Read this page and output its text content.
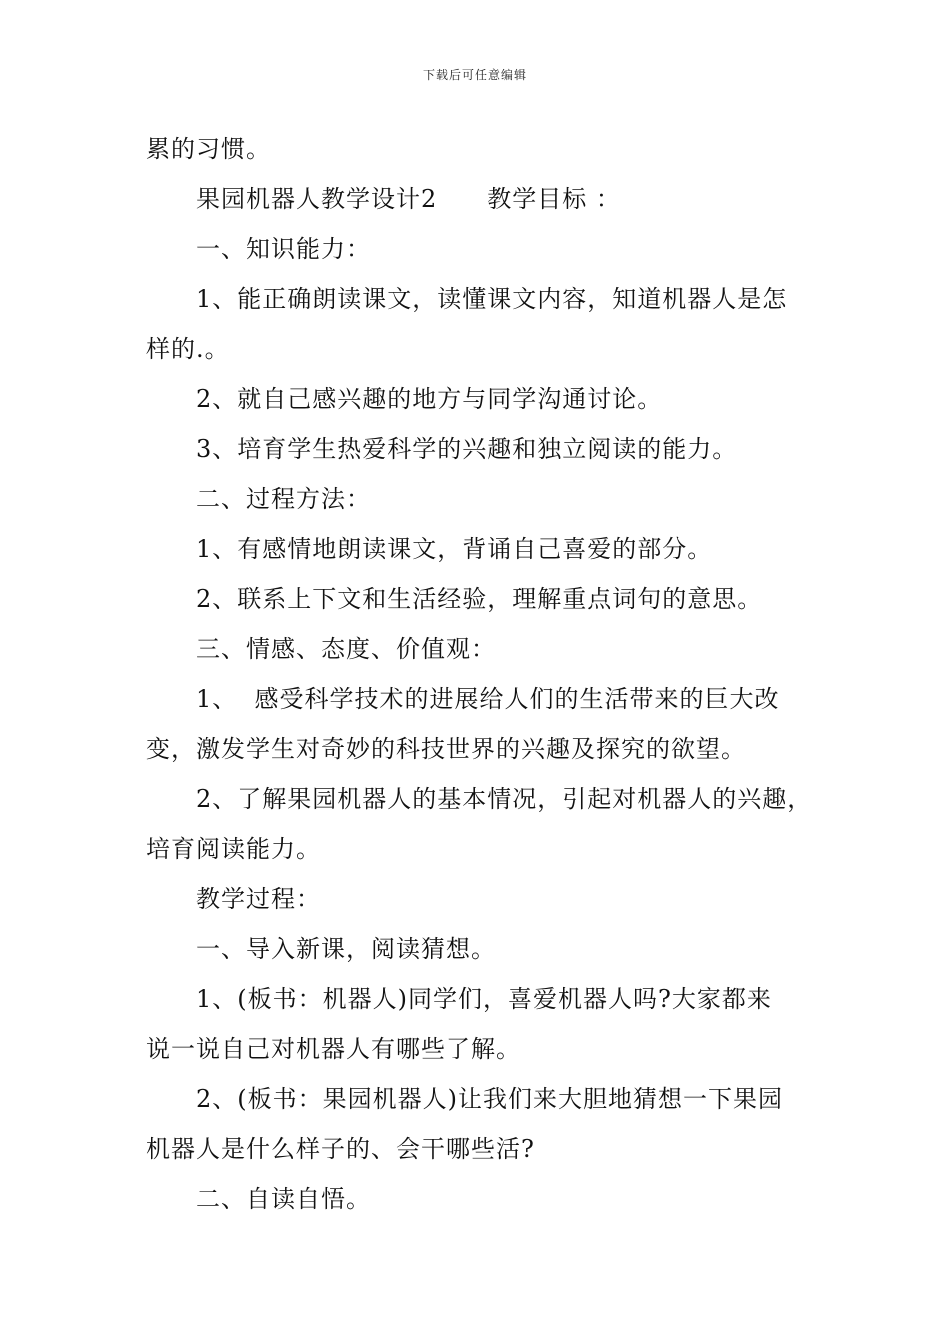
下载后可任意编辑
累的习惯。
果园机器人教学设计2 教学目标 ：
一、知识能力：
1、能正确朗读课文，读懂课文内容，知道机器人是怎
样的.。
2、就自己感兴趣的地方与同学沟通讨论。
3、培育学生热爱科学的兴趣和独立阅读的能力。
二、过程方法：
1、有感情地朗读课文，背诵自己喜爱的部分。
2、联系上下文和生活经验，理解重点词句的意思。
三、情感、态度、价值观：
1、  感受科学技术的进展给人们的生活带来的巨大改
变，激发学生对奇妙的科技世界的兴趣及探究的欲望。
2、了解果园机器人的基本情况，引起对机器人的兴趣，
培育阅读能力。
教学过程：
一、导入新课，阅读猜想。
1、(板书：机器人)同学们，喜爱机器人吗?大家都来
说一说自己对机器人有哪些了解。
2、(板书：果园机器人)让我们来大胆地猜想一下果园
机器人是什么样子的、会干哪些活?
二、自读自悟。
